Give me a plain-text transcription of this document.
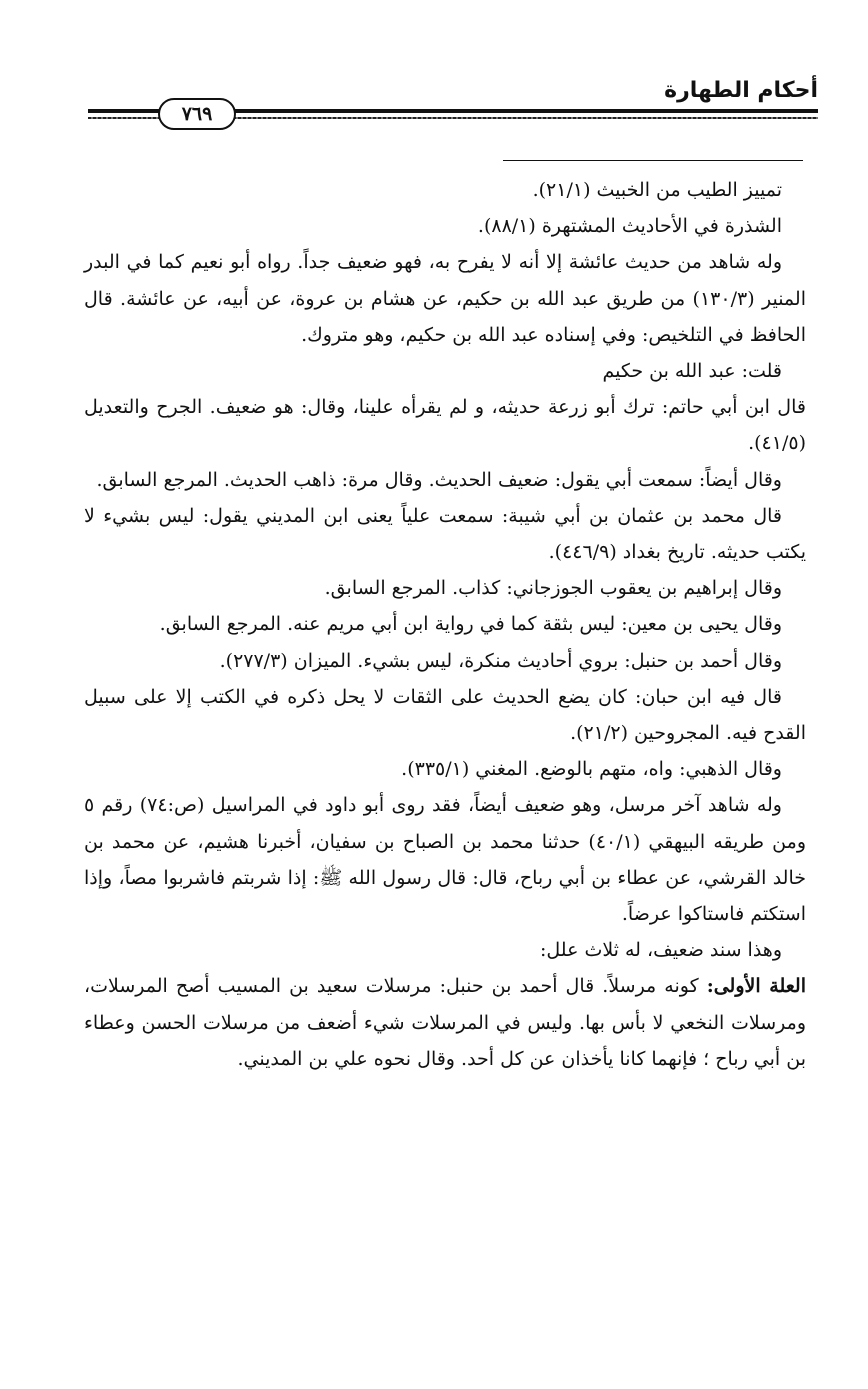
أحكام الطهارة
٧٦٩

تمييز الطيب من الخبيث (٢١/١).

الشذرة في الأحاديث المشتهرة (٨٨/١).

وله شاهد من حديث عائشة إلا أنه لا يفرح به، فهو ضعيف جداً. رواه أبو نعيم كما في البدر المنير (١٣٠/٣) من طريق عبد الله بن حكيم، عن هشام بن عروة، عن أبيه، عن عائشة. قال الحافظ في التلخيص: وفي إسناده عبد الله بن حكيم، وهو متروك.

قلت: عبد الله بن حكيم

قال ابن أبي حاتم: ترك أبو زرعة حديثه، و لم يقرأه علينا، وقال: هو ضعيف. الجرح والتعديل (٤١/٥).

وقال أيضاً: سمعت أبي يقول: ضعيف الحديث. وقال مرة: ذاهب الحديث. المرجع السابق.

قال محمد بن عثمان بن أبي شيبة: سمعت علياً يعنى ابن المديني يقول: ليس بشيء لا يكتب حديثه. تاريخ بغداد (٤٤٦/٩).

وقال إبراهيم بن يعقوب الجوزجاني: كذاب. المرجع السابق.

وقال يحيى بن معين: ليس بثقة كما في رواية ابن أبي مريم عنه. المرجع السابق.

وقال أحمد بن حنبل: بروي أحاديث منكرة، ليس بشيء. الميزان (٢٧٧/٣).

قال فيه ابن حبان: كان يضع الحديث على الثقات لا يحل ذكره في الكتب إلا على سبيل القدح فيه. المجروحين (٢١/٢).

وقال الذهبي: واه، متهم بالوضع. المغني (٣٣٥/١).

وله شاهد آخر مرسل، وهو ضعيف أيضاً، فقد روى أبو داود في المراسيل (ص:٧٤) رقم ٥ ومن طريقه البيهقي (٤٠/١) حدثنا محمد بن الصباح بن سفيان، أخبرنا هشيم، عن محمد بن خالد القرشي، عن عطاء بن أبي رباح، قال: قال رسول الله ﷺ: إذا شربتم فاشربوا مصاً، وإذا استكتم فاستاكوا عرضاً.

وهذا سند ضعيف، له ثلاث علل:

العلة الأولى: كونه مرسلاً. قال أحمد بن حنبل: مرسلات سعيد بن المسيب أصح المرسلات، ومرسلات النخعي لا بأس بها. وليس في المرسلات شيء أضعف من مرسلات الحسن وعطاء بن أبي رباح ؛ فإنهما كانا يأخذان عن كل أحد. وقال نحوه علي بن المديني.
